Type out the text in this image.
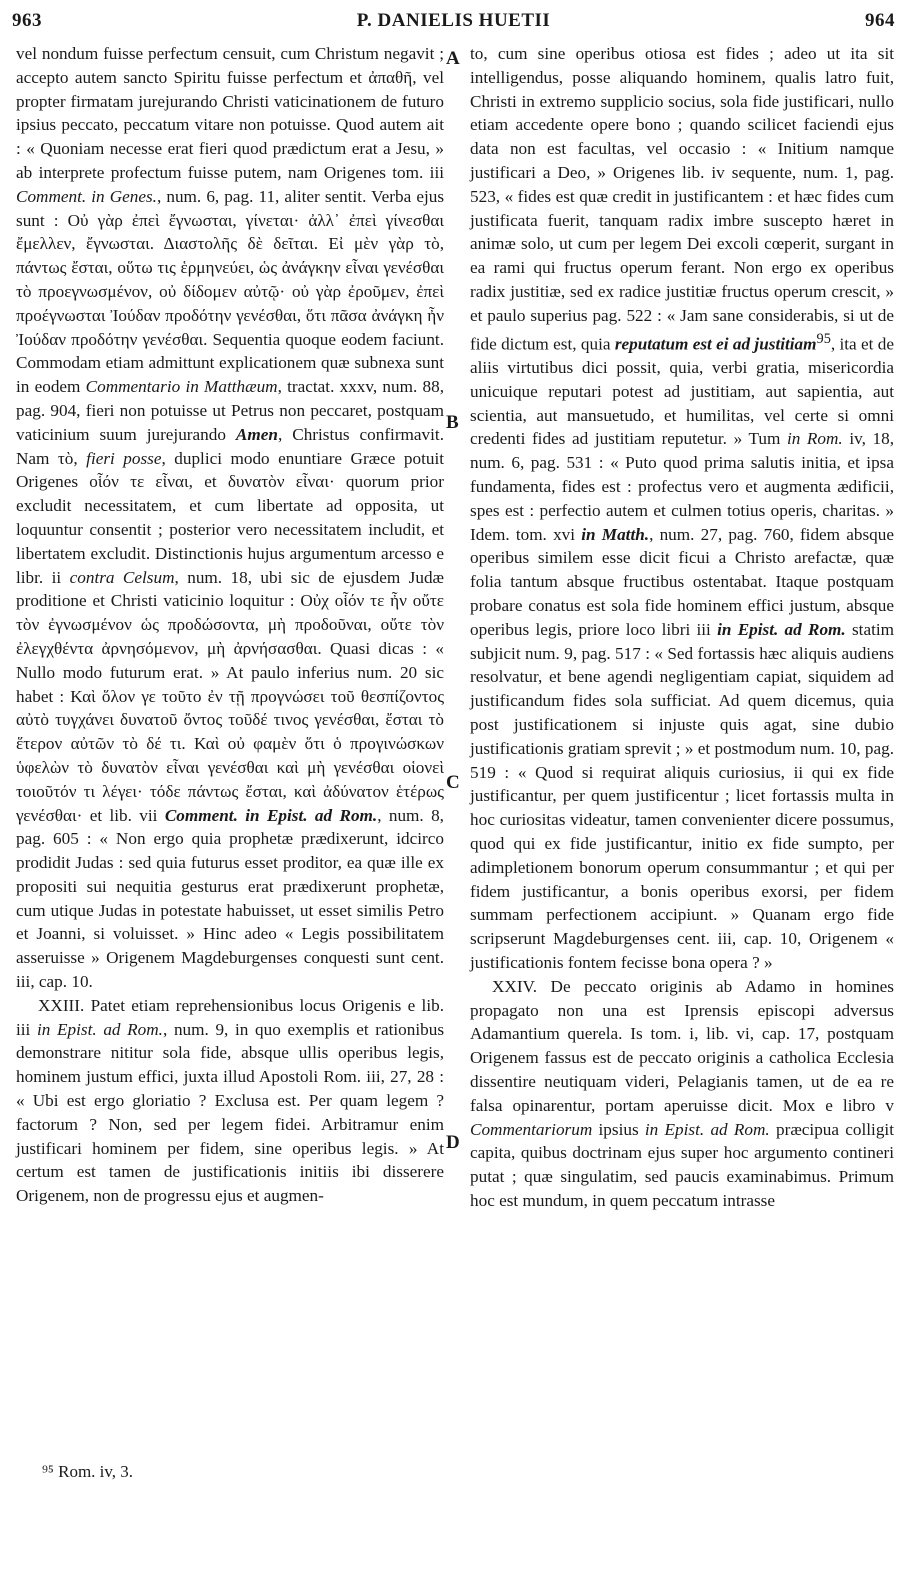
963	P. DANIELIS HUETII	964

vel nondum fuisse perfectum censuit, cum Christum negavit ; accepto autem sancto Spiritu fuisse perfectum et ἀπαθῆ, vel propter firmatam jurejurando Christi vaticinationem de futuro ipsius peccato, peccatum vitare non potuisse. Quod autem ait : « Quoniam necesse erat fieri quod prædictum erat a Jesu, » ab interprete profectum fuisse putem, nam Origenes tom. iii Comment. in Genes., num. 6, pag. 11, aliter sentit. Verba ejus sunt : Οὐ γὰρ ἐπεὶ ἔγνωσται, γίνεται· ἀλλ᾽ ἐπεὶ γίνεσθαι ἔμελλεν, ἔγνωσται. Διαστολῆς δὲ δεῖται. Εἰ μὲν γὰρ τὸ, πάντως ἔσται, οὕτω τις ἑρμηνεύει, ὡς ἀνάγκην εἶναι γενέσθαι τὸ προεγνωσμένον, οὐ δίδομεν αὐτῷ· οὐ γὰρ ἐροῦμεν, ἐπεὶ προέγνωσται Ἰούδαν προδότην γενέσθαι, ὅτι πᾶσα ἀνάγκη ἦν Ἰούδαν προδότην γενέσθαι. Sequentia quoque eodem faciunt. Commodam etiam admittunt explicationem quæ subnexa sunt in eodem Commentario in Matthæum, tractat. xxxv, num. 88, pag. 904, fieri non potuisse ut Petrus non peccaret, postquam vaticinium suum jurejurando Amen, Christus confirmavit. Nam τὸ, fieri posse, duplici modo enuntiare Græce potuit Origenes οἷόν τε εἶναι, et δυνατὸν εἶναι· quorum prior excludit necessitatem, et cum libertate ad opposita, ut loquuntur consentit ; posterior vero necessitatem includit, et libertatem excludit. Distinctionis hujus argumentum arcesso e libr. ii contra Celsum, num. 18, ubi sic de ejusdem Judæ proditione et Christi vaticinio loquitur : Οὐχ οἷόν τε ἦν οὔτε τὸν ἐγνωσμένον ὡς προδώσοντα, μὴ προδοῦναι, οὔτε τὸν ἐλεγχθέντα ἀρνησόμενον, μὴ ἀρνήσασθαι. Quasi dicas : « Nullo modo futurum erat. » At paulo inferius num. 20 sic habet : Καὶ ὅλον γε τοῦτο ἐν τῇ προγνώσει τοῦ θεσπίζοντος αὐτὸ τυγχάνει δυνατοῦ ὄντος τοῦδέ τινος γενέσθαι, ἔσται τὸ ἕτερον αὐτῶν τὸ δέ τι. Καὶ οὐ φαμὲν ὅτι ὁ προγινώσκων ὑφελὼν τὸ δυνατὸν εἶναι γενέσθαι καὶ μὴ γενέσθαι οἱονεὶ τοιοῦτόν τι λέγει· τόδε πάντως ἔσται, καὶ ἀδύνατον ἑτέρως γενέσθαι· et lib. vii Comment. in Epist. ad Rom., num. 8, pag. 605 : « Non ergo quia prophetæ prædixerunt, idcirco prodidit Judas : sed quia futurus esset proditor, ea quæ ille ex propositi sui nequitia gesturus erat prædixerunt prophetæ, cum utique Judas in potestate habuisset, ut esset similis Petro et Joanni, si voluisset. » Hinc adeo « Legis possibilitatem asseruisse » Origenem Magdeburgenses conquesti sunt cent. iii, cap. 10.

XXIII. Patet etiam reprehensionibus locus Origenis e lib. iii in Epist. ad Rom., num. 9, in quo exemplis et rationibus demonstrare nititur sola fide, absque ullis operibus legis, hominem justum effici, juxta illud Apostoli Rom. iii, 27, 28 : « Ubi est ergo gloriatio ? Exclusa est. Per quam legem ? factorum ? Non, sed per legem fidei. Arbitramur enim justificari hominem per fidem, sine operibus legis. » At certum est tamen de justificationis initiis ibi disserere Origenem, non de progressu ejus et augmen-

to, cum sine operibus otiosa est fides ; adeo ut ita sit intelligendus, posse aliquando hominem, qualis latro fuit, Christi in extremo supplicio socius, sola fide justificari, nullo etiam accedente opere bono ; quando scilicet faciendi ejus data non est facultas, vel occasio : « Initium namque justificari a Deo, » Origenes lib. iv sequente, num. 1, pag. 523, « fides est quæ credit in justificantem : et hæc fides cum justificata fuerit, tanquam radix imbre suscepto hæret in animæ solo, ut cum per legem Dei excoli cœperit, surgant in ea rami qui fructus operum ferant. Non ergo ex operibus radix justitiæ, sed ex radice justitiæ fructus operum crescit, » et paulo superius pag. 522 : « Jam sane considerabis, si ut de fide dictum est, quia reputatum est ei ad justitiam$^{95}$, ita et de aliis virtutibus dici possit, quia, verbi gratia, misericordia unicuique reputari potest ad justitiam, aut sapientia, aut scientia, aut mansuetudo, et humilitas, vel certe si omni credenti fides ad justitiam reputetur. » Tum in Rom. iv, 18, num. 6, pag. 531 : « Puto quod prima salutis initia, et ipsa fundamenta, fides est : profectus vero et augmenta ædificii, spes est : perfectio autem et culmen totius operis, charitas. » Idem. tom. xvi in Matth., num. 27, pag. 760, fidem absque operibus similem esse dicit ficui a Christo arefactæ, quæ folia tantum absque fructibus ostentabat. Itaque postquam probare conatus est sola fide hominem effici justum, absque operibus legis, priore loco libri iii in Epist. ad Rom. statim subjicit num. 9, pag. 517 : « Sed fortassis hæc aliquis audiens resolvatur, et bene agendi negligentiam capiat, siquidem ad justificandum fides sola sufficiat. Ad quem dicemus, quia post justificationem si injuste quis agat, sine dubio justificationis gratiam sprevit ; » et postmodum num. 10, pag. 519 : « Quod si requirat aliquis curiosius, ii qui ex fide justificantur, per quem justificentur ; licet fortassis multa in hoc curiositas videatur, tamen convenienter dicere possumus, quod qui ex fide justificantur, initio ex fide sumpto, per adimpletionem bonorum operum consummantur ; et qui per fidem justificantur, a bonis operibus exorsi, per fidem summam perfectionem accipiunt. » Quanam ergo fide scripserunt Magdeburgenses cent. iii, cap. 10, Origenem « justificationis fontem fecisse bona opera ? »

XXIV. De peccato originis ab Adamo in homines propagato non una est Iprensis episcopi adversus Adamantium querela. Is tom. i, lib. vi, cap. 17, postquam Origenem fassus est de peccato originis a catholica Ecclesia dissentire neutiquam videri, Pelagianis tamen, ut de ea re falsa opinarentur, portam aperuisse dicit. Mox e libro v Commentariorum ipsius in Epist. ad Rom. præcipua colligit capita, quibus doctrinam ejus super hoc argumento contineri putat ; quæ singulatim, sed paucis examinabimus. Primum hoc est mundum, in quem peccatum intrasse

A
B
C
D
⁹⁵ Rom. iv, 3.
